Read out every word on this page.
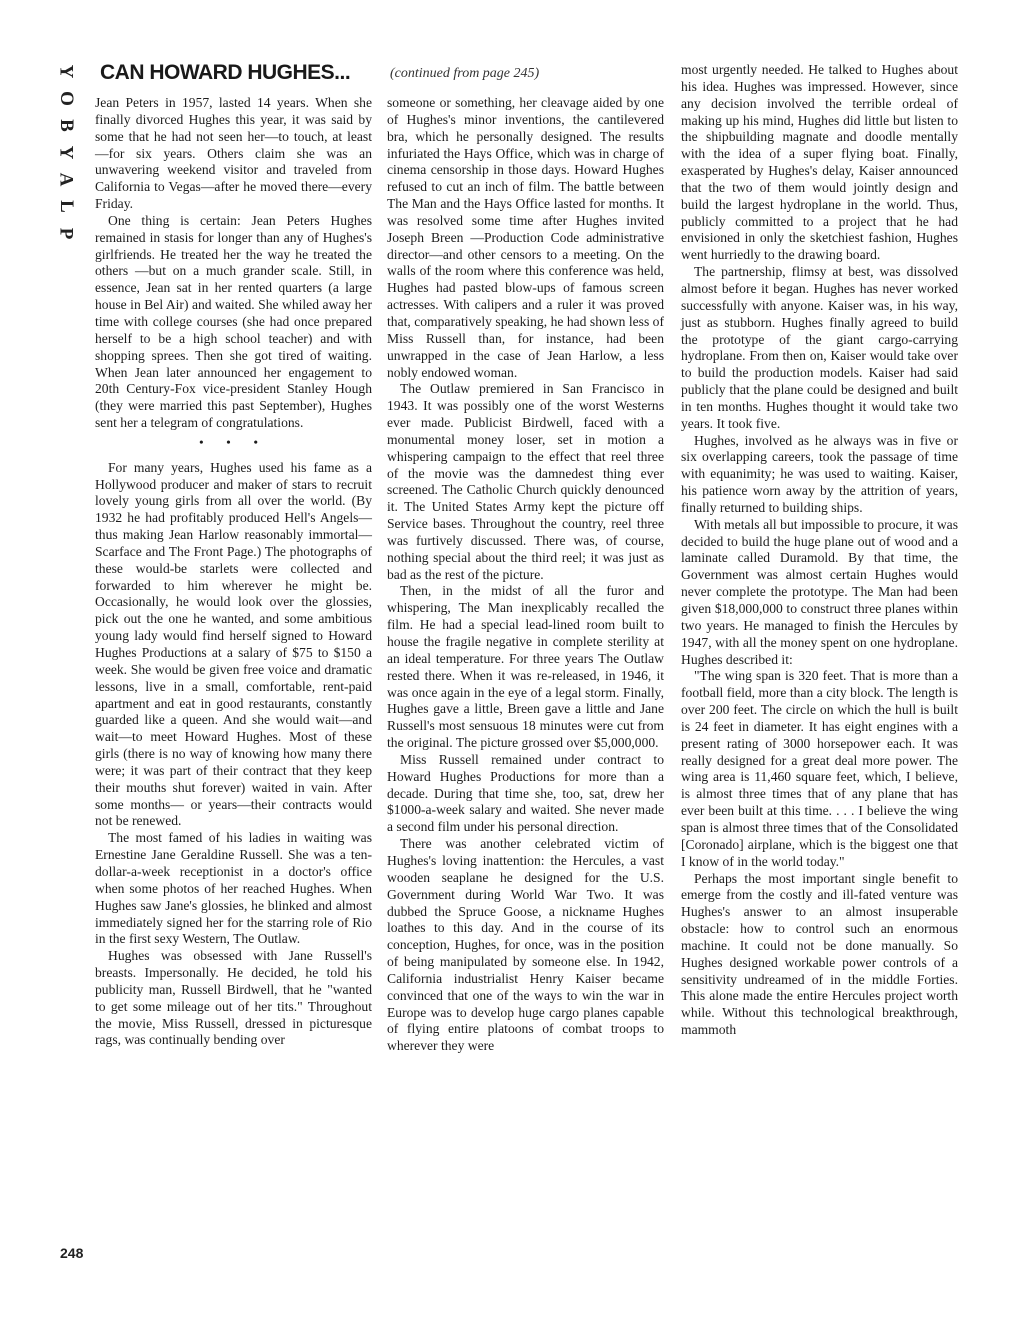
Y
O
B
Y
A
L
P
CAN HOWARD HUGHES...	(continued from page 245)

Jean Peters in 1957, lasted 14 years. When she finally divorced Hughes this year, it was said by some that he had not seen her—to touch, at least—for six years. Others claim she was an unwavering weekend visitor and traveled from California to Vegas—after he moved there—every Friday.

One thing is certain: Jean Peters Hughes remained in stasis for longer than any of Hughes's girlfriends. He treated her the way he treated the others —but on a much grander scale. Still, in essence, Jean sat in her rented quarters (a large house in Bel Air) and waited. She whiled away her time with college courses (she had once prepared herself to be a high school teacher) and with shopping sprees. Then she got tired of waiting. When Jean later announced her engagement to 20th Century-Fox vice-president Stanley Hough (they were married this past September), Hughes sent her a telegram of congratulations.

• • •

For many years, Hughes used his fame as a Hollywood producer and maker of stars to recruit lovely young girls from all over the world. (By 1932 he had profitably produced Hell's Angels—thus making Jean Harlow reasonably immortal—Scarface and The Front Page.) The photographs of these would-be starlets were collected and forwarded to him wherever he might be. Occasionally, he would look over the glossies, pick out the one he wanted, and some ambitious young lady would find herself signed to Howard Hughes Productions at a salary of $75 to $150 a week. She would be given free voice and dramatic lessons, live in a small, comfortable, rent-paid apartment and eat in good restaurants, constantly guarded like a queen. And she would wait—and wait—to meet Howard Hughes. Most of these girls (there is no way of knowing how many there were; it was part of their contract that they keep their mouths shut forever) waited in vain. After some months— or years—their contracts would not be renewed.

The most famed of his ladies in waiting was Ernestine Jane Geraldine Russell. She was a ten-dollar-a-week receptionist in a doctor's office when some photos of her reached Hughes. When Hughes saw Jane's glossies, he blinked and almost immediately signed her for the starring role of Rio in the first sexy Western, The Outlaw.

Hughes was obsessed with Jane Russell's breasts. Impersonally. He decided, he told his publicity man, Russell Birdwell, that he "wanted to get some mileage out of her tits." Throughout the movie, Miss Russell, dressed in picturesque rags, was continually bending over

someone or something, her cleavage aided by one of Hughes's minor inventions, the cantilevered bra, which he personally designed. The results infuriated the Hays Office, which was in charge of cinema censorship in those days. Howard Hughes refused to cut an inch of film. The battle between The Man and the Hays Office lasted for months. It was resolved some time after Hughes invited Joseph Breen —Production Code administrative director—and other censors to a meeting. On the walls of the room where this conference was held, Hughes had pasted blow-ups of famous screen actresses. With calipers and a ruler it was proved that, comparatively speaking, he had shown less of Miss Russell than, for instance, had been unwrapped in the case of Jean Harlow, a less nobly endowed woman.

The Outlaw premiered in San Francisco in 1943. It was possibly one of the worst Westerns ever made. Publicist Birdwell, faced with a monumental money loser, set in motion a whispering campaign to the effect that reel three of the movie was the damnedest thing ever screened. The Catholic Church quickly denounced it. The United States Army kept the picture off Service bases. Throughout the country, reel three was furtively discussed. There was, of course, nothing special about the third reel; it was just as bad as the rest of the picture.

Then, in the midst of all the furor and whispering, The Man inexplicably recalled the film. He had a special lead-lined room built to house the fragile negative in complete sterility at an ideal temperature. For three years The Outlaw rested there. When it was re-released, in 1946, it was once again in the eye of a legal storm. Finally, Hughes gave a little, Breen gave a little and Jane Russell's most sensuous 18 minutes were cut from the original. The picture grossed over $5,000,000.

Miss Russell remained under contract to Howard Hughes Productions for more than a decade. During that time she, too, sat, drew her $1000-a-week salary and waited. She never made a second film under his personal direction.

There was another celebrated victim of Hughes's loving inattention: the Hercules, a vast wooden seaplane he designed for the U.S. Government during World War Two. It was dubbed the Spruce Goose, a nickname Hughes loathes to this day. And in the course of its conception, Hughes, for once, was in the position of being manipulated by someone else. In 1942, California industrialist Henry Kaiser became convinced that one of the ways to win the war in Europe was to develop huge cargo planes capable of flying entire platoons of combat troops to wherever they were

most urgently needed. He talked to Hughes about his idea. Hughes was impressed. However, since any decision involved the terrible ordeal of making up his mind, Hughes did little but listen to the shipbuilding magnate and doodle mentally with the idea of a super flying boat. Finally, exasperated by Hughes's delay, Kaiser announced that the two of them would jointly design and build the largest hydroplane in the world. Thus, publicly committed to a project that he had envisioned in only the sketchiest fashion, Hughes went hurriedly to the drawing board.

The partnership, flimsy at best, was dissolved almost before it began. Hughes has never worked successfully with anyone. Kaiser was, in his way, just as stubborn. Hughes finally agreed to build the prototype of the giant cargo-carrying hydroplane. From then on, Kaiser would take over to build the production models. Kaiser had said publicly that the plane could be designed and built in ten months. Hughes thought it would take two years. It took five.

Hughes, involved as he always was in five or six overlapping careers, took the passage of time with equanimity; he was used to waiting. Kaiser, his patience worn away by the attrition of years, finally returned to building ships.

With metals all but impossible to procure, it was decided to build the huge plane out of wood and a laminate called Duramold. By that time, the Government was almost certain Hughes would never complete the prototype. The Man had been given $18,000,000 to construct three planes within two years. He managed to finish the Hercules by 1947, with all the money spent on one hydroplane. Hughes described it:

"The wing span is 320 feet. That is more than a football field, more than a city block. The length is over 200 feet. The circle on which the hull is built is 24 feet in diameter. It has eight engines with a present rating of 3000 horsepower each. It was really designed for a great deal more power. The wing area is 11,460 square feet, which, I believe, is almost three times that of any plane that has ever been built at this time. . . . I believe the wing span is almost three times that of the Consolidated [Coronado] airplane, which is the biggest one that I know of in the world today."

Perhaps the most important single benefit to emerge from the costly and ill-fated venture was Hughes's answer to an almost insuperable obstacle: how to control such an enormous machine. It could not be done manually. So Hughes designed workable power controls of a sensitivity undreamed of in the middle Forties. This alone made the entire Hercules project worth while. Without this technological breakthrough, mammoth

248
